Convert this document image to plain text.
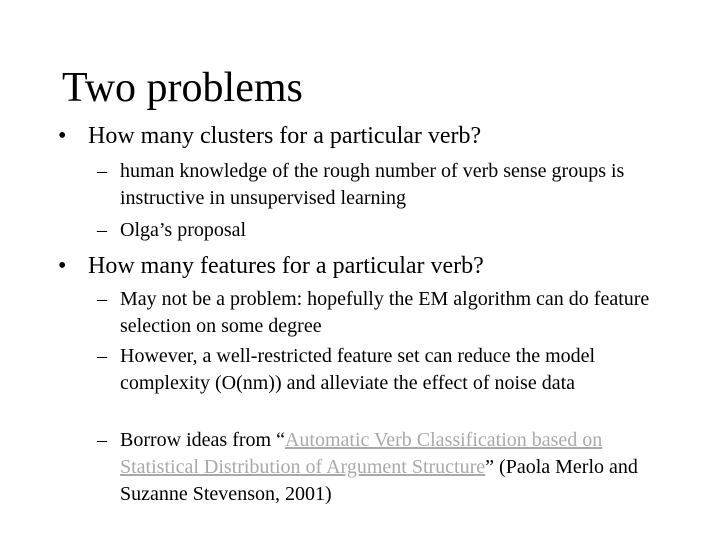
Two problems
• How many clusters for a particular verb?
– human knowledge of the rough number of verb sense groups is instructive in unsupervised learning
– Olga’s proposal
• How many features for a particular verb?
– May not be a problem: hopefully the EM algorithm can do feature selection on some degree
– However, a well-restricted feature set can reduce the model complexity (O(nm)) and alleviate the effect of noise data
– Borrow ideas from “Automatic Verb Classification based on Statistical Distribution of Argument Structure” (Paola Merlo and Suzanne Stevenson, 2001)
